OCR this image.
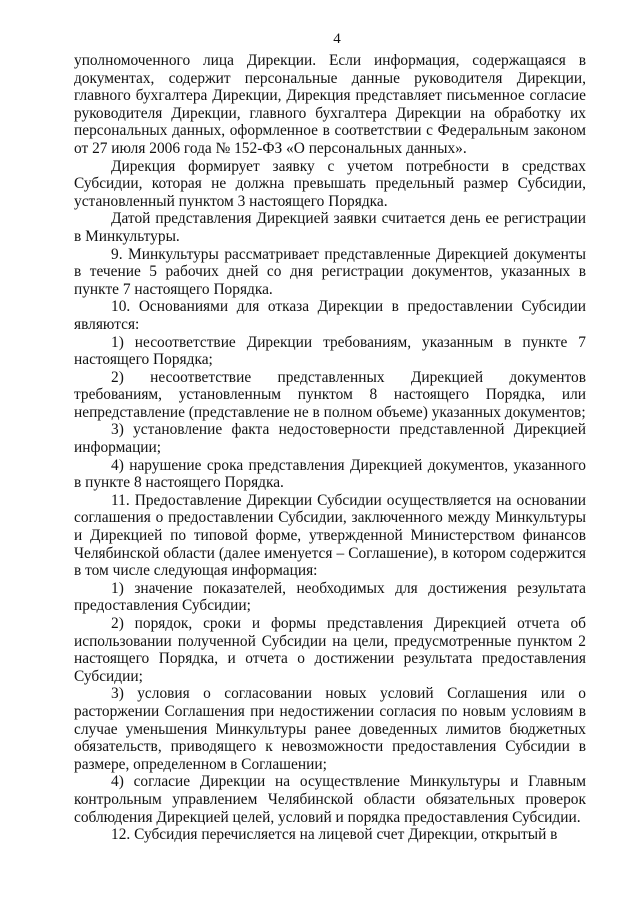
4

уполномоченного лица Дирекции. Если информация, содержащаяся в документах, содержит персональные данные руководителя Дирекции, главного бухгалтера Дирекции, Дирекция представляет письменное согласие руководителя Дирекции, главного бухгалтера Дирекции на обработку их персональных данных, оформленное в соответствии с Федеральным законом от 27 июля 2006 года № 152-ФЗ «О персональных данных».

Дирекция формирует заявку с учетом потребности в средствах Субсидии, которая не должна превышать предельный размер Субсидии, установленный пунктом 3 настоящего Порядка.

Датой представления Дирекцией заявки считается день ее регистрации в Минкультуры.

9. Минкультуры рассматривает представленные Дирекцией документы в течение 5 рабочих дней со дня регистрации документов, указанных в пункте 7 настоящего Порядка.

10. Основаниями для отказа Дирекции в предоставлении Субсидии являются:

1) несоответствие Дирекции требованиям, указанным в пункте 7 настоящего Порядка;

2) несоответствие представленных Дирекцией документов требованиям, установленным пунктом 8 настоящего Порядка, или непредставление (представление не в полном объеме) указанных документов;

3) установление факта недостоверности представленной Дирекцией информации;

4) нарушение срока представления Дирекцией документов, указанного в пункте 8 настоящего Порядка.

11. Предоставление Дирекции Субсидии осуществляется на основании соглашения о предоставлении Субсидии, заключенного между Минкультуры и Дирекцией по типовой форме, утвержденной Министерством финансов Челябинской области (далее именуется – Соглашение), в котором содержится в том числе следующая информация:

1) значение показателей, необходимых для достижения результата предоставления Субсидии;

2) порядок, сроки и формы представления Дирекцией отчета об использовании полученной Субсидии на цели, предусмотренные пунктом 2 настоящего Порядка, и отчета о достижении результата предоставления Субсидии;

3) условия о согласовании новых условий Соглашения или о расторжении Соглашения при недостижении согласия по новым условиям в случае уменьшения Минкультуры ранее доведенных лимитов бюджетных обязательств, приводящего к невозможности предоставления Субсидии в размере, определенном в Соглашении;

4) согласие Дирекции на осуществление Минкультуры и Главным контрольным управлением Челябинской области обязательных проверок соблюдения Дирекцией целей, условий и порядка предоставления Субсидии.

12. Субсидия перечисляется на лицевой счет Дирекции, открытый в
